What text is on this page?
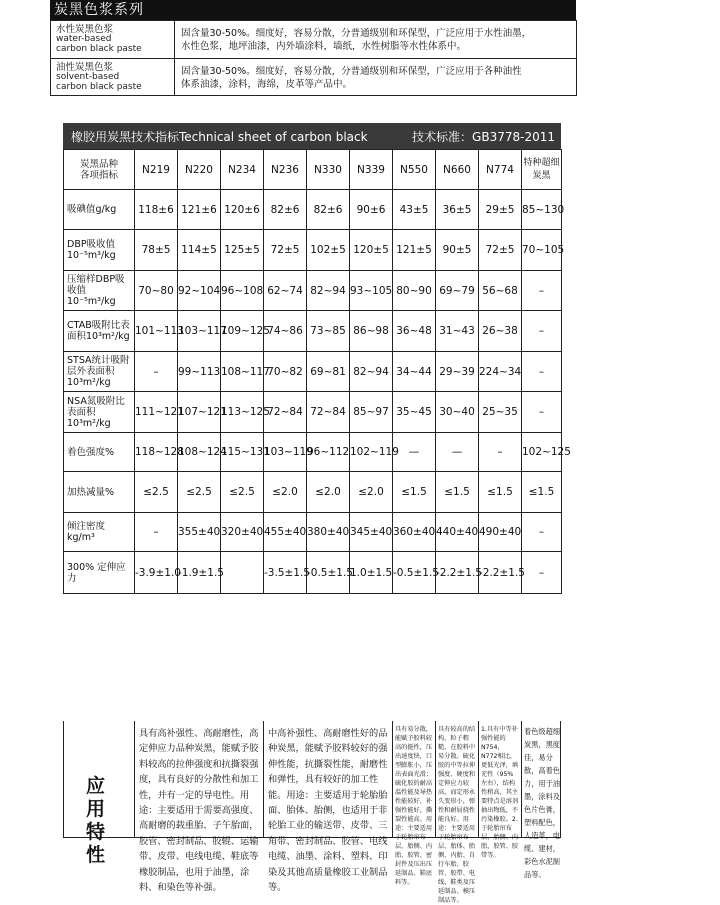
炭黑色浆系列
水性炭黑色浆
water-based
carbon black paste
固含量30-50%。细度好，容易分散，分普通级别和环保型，广泛应用于水性油墨，
水性色浆，地坪油漆，内外墙涂料，墙纸，水性树脂等水性体系中。
油性炭黑色浆
solvent-based
carbon black paste
固含量30-50%。细度好，容易分散，分普通级别和环保型，广泛应用于各种油性
体系油漆，涂料，海绵，皮革等产品中。
橡胶用炭黑技术指标Technical sheet of carbon black	技术标准：GB3778-2011
炭黑品种
各项指标	N219	N220	N234	N236	N330	N339	N550	N660	N774	特种超细炭黑
吸碘值g/kg	118±6	121±6	120±6	82±6	82±6	90±6	43±5	36±5	29±5	85~130
DBP吸收值 10⁻⁵m³/kg	78±5	114±5	125±5	72±5	102±5	120±5	121±5	90±5	72±5	70~105
压缩样DBP吸收值10⁻⁵m³/kg	70~80	92~104	96~108	62~74	82~94	93~105	80~90	69~79	56~68	–
CTAB吸附比表面积10³m²/kg	101~113	103~117	109~125	74~86	73~85	86~98	36~48	31~43	26~38	–
STSA统计吸附层外表面积10³m²/kg	–	99~113	108~117	70~82	69~81	82~94	34~44	29~39	224~34	–
NSA氮吸附比表面积10³m²/kg	111~121	107~121	113~125	72~84	72~84	85~97	35~45	30~40	25~35	–
着色强度%	118~128	108~124	115~131	103~119	96~112	102~119	—	—	–	102~125
加热减量%	≤2.5	≤2.5	≤2.5	≤2.0	≤2.0	≤2.0	≤1.5	≤1.5	≤1.5	≤1.5
倾注密度 kg/m³	–	355±40	320±40	455±40	380±40	345±40	360±40	440±40	490±40	–
300% 定伸应力	-3.9±1.0	-1.9±1.5		-3.5±1.5	-0.5±1.5	1.0±1.5	-0.5±1.5	-2.2±1.5	-2.2±1.5	–
应用特性
具有高补强性、高耐磨性，高定伸应力品种炭黑，能赋予胶料较高的拉伸强度和抗撕裂强度，具有良好的分散性和加工性，并有一定的导电性。用途：主要适用于需要高强度、高耐磨的载重胎、子午胎面，胶管、密封制品、胶辊、运输带、皮带、电线电缆、鞋底等橡胶制品，也用于油墨，涂料、和染色等补强。
中高补强性、高耐磨性好的品种炭黑，能赋予胶料较好的强伸性能，抗撕裂性能，耐磨性和弹性，具有较好的加工性能。用途：主要适用于轮胎胎面、胎体、胎侧，也适用于非轮胎工业的输送带、皮带、三角带、密封制品、胶管、电线电缆、油墨、涂料、塑料、印染及其他高质量橡胶工业制品等。
具有易分散，能赋予胶料较高的挺性，压出速度快，口型膨胀小，压出表面光滑；硫化胶的耐高温性能及导热性能较好，补强性能好，撕裂性能高。用途：主要适用于轮胎帘布层、胎侧、内胎、胶管、密封件及压出压延制品、鞋底料等。
具有较高的结构，粒子粗糙，在胶料中易分散。硫化胶的中等拉伸强度、硬度和定伸应力较高，而定形永久变形小，弹性和耐屈挠性能良好。用途：主要适用于轮胎帘布层、胎体、胎侧、内胎、自行车胎、胶管、胶带、电线、鞋类及压延制品、模压制品等。
1.具有中等补强性能的N754，N772相比，更低光泽，填充性（95%左右），结构性稍高，其主要特点是溶剂抽出物低，不污染橡胶。2.于轮胎帘布层、胎侧、内胎，胶管、胶带等。
着色级超细炭黑，黑度佳，易分散，高着色力，用于油墨，涂料及色片色膏，塑料配色，人造革，电缆、建材，彩色水泥制品等。
